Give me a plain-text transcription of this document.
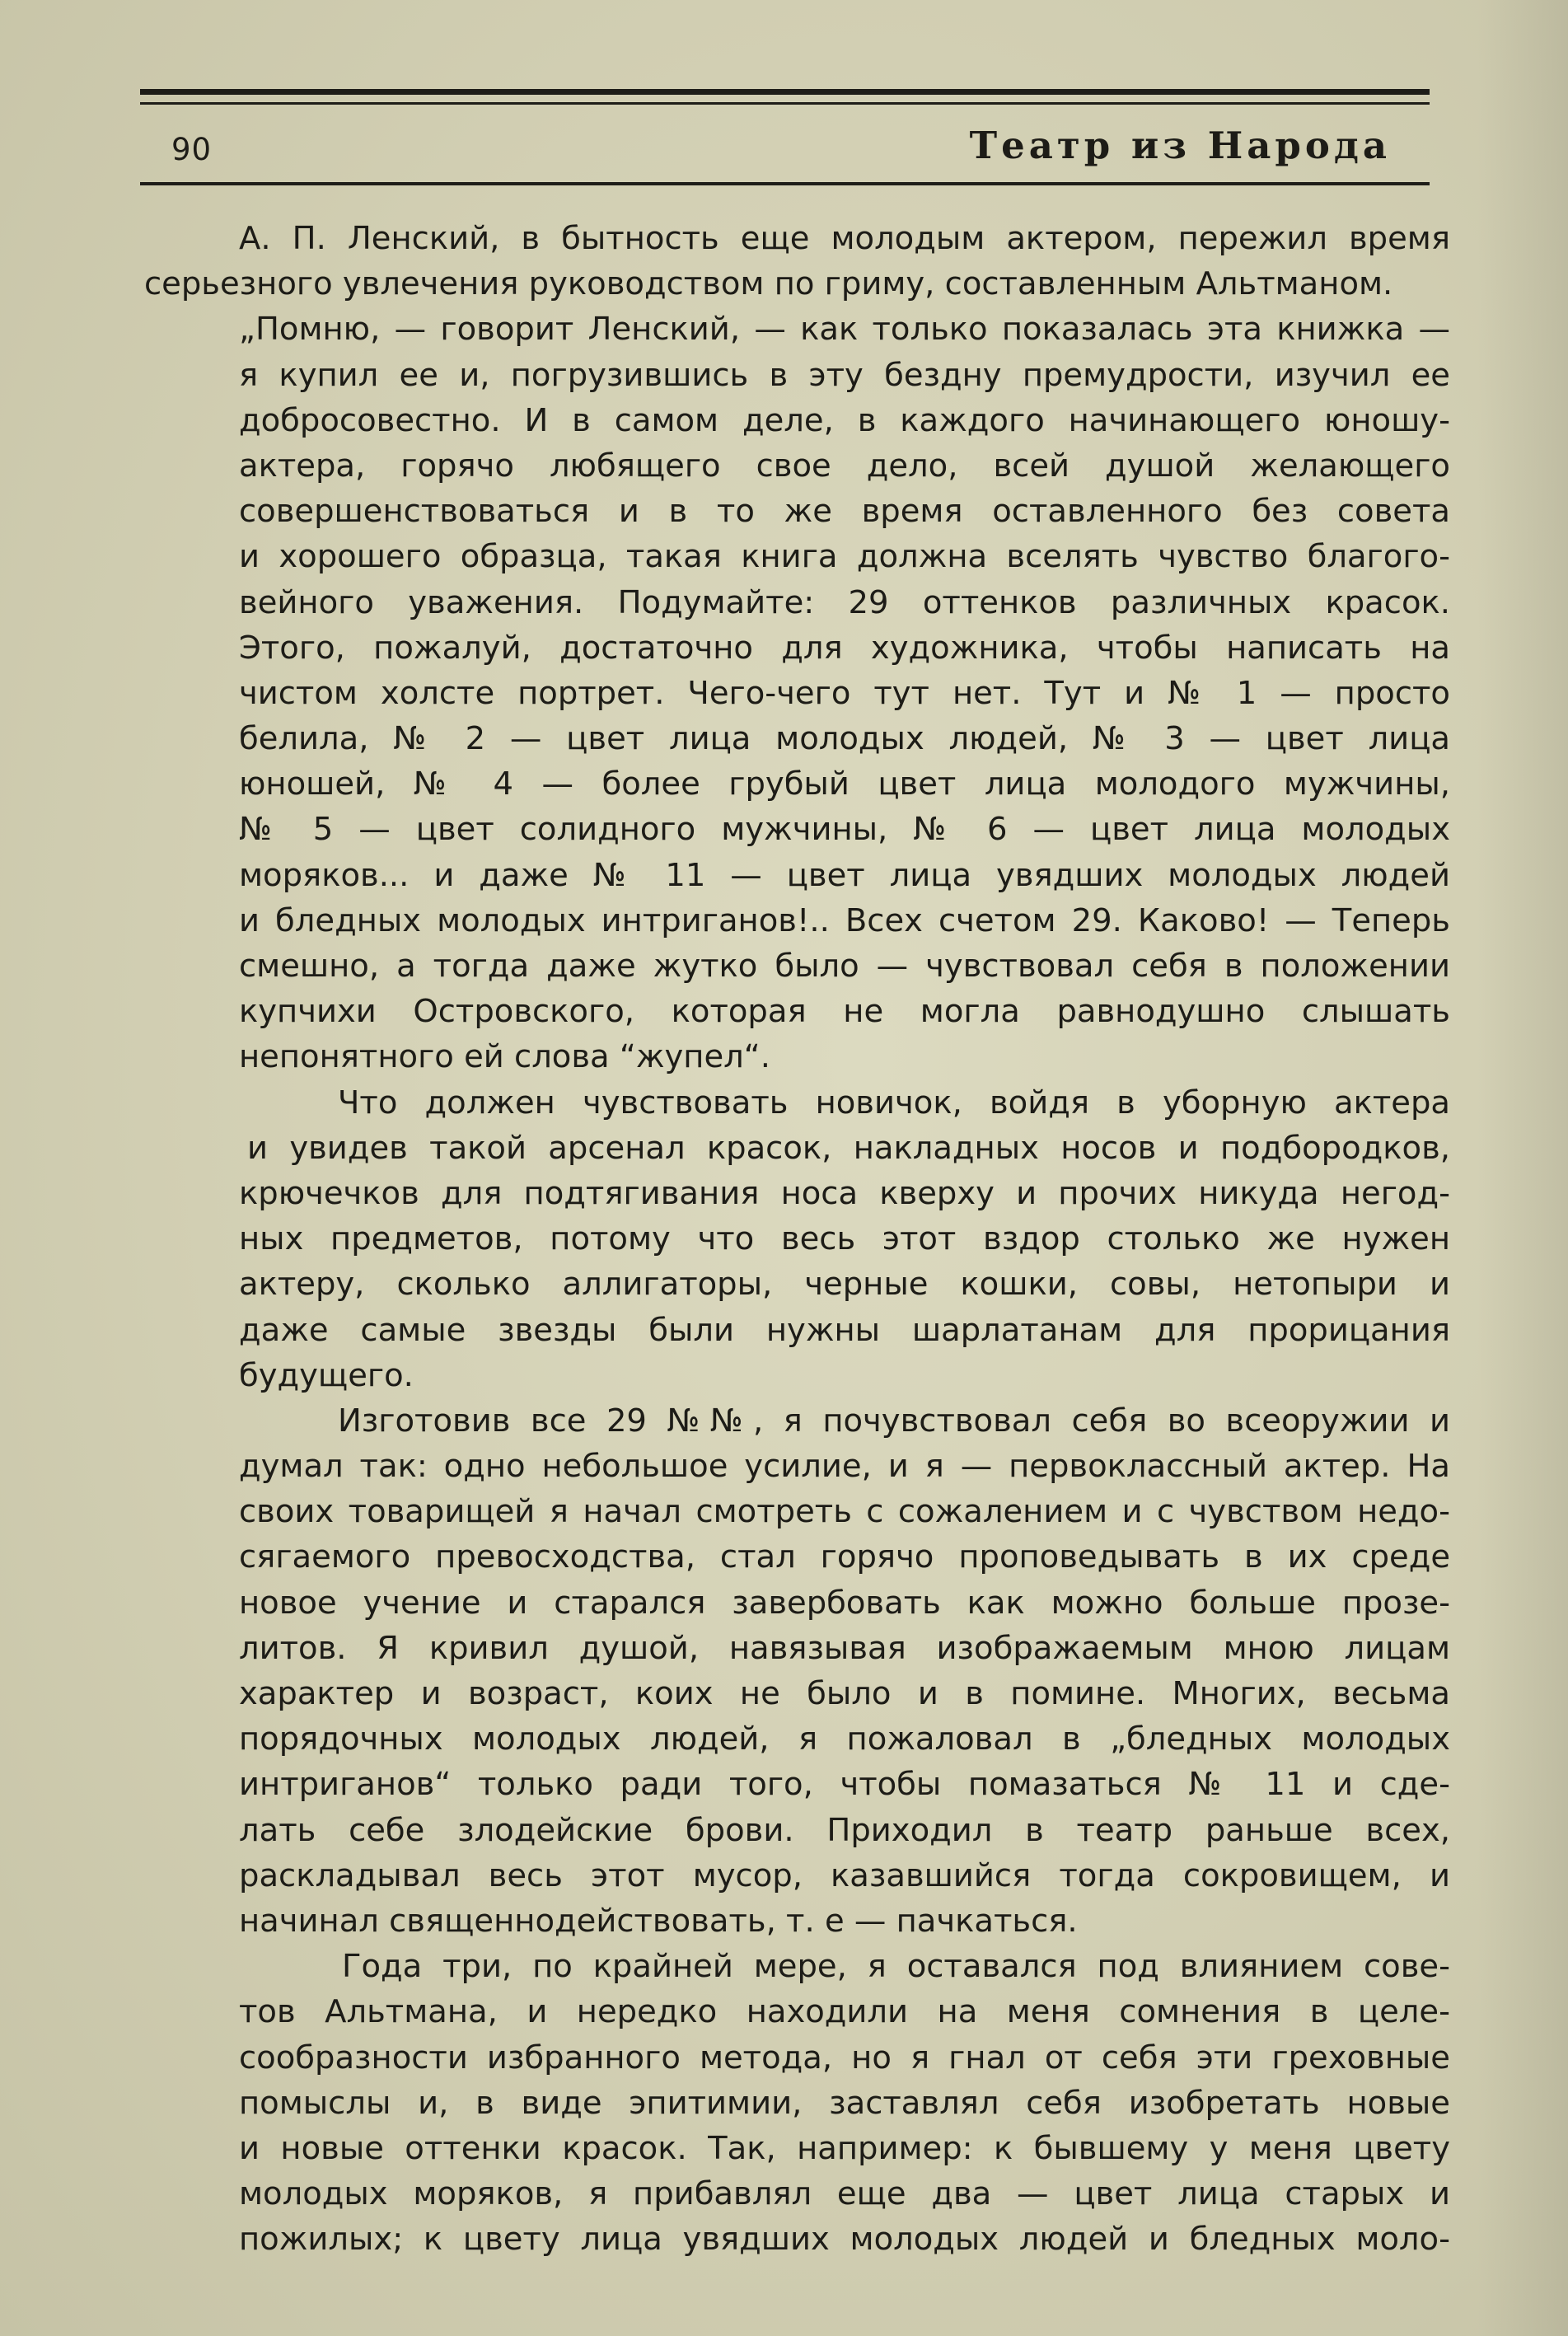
90	Театр из Народа
А. П. Ленский, в бытность еще молодым актером, пережил время
серьезного увлечения руководством по гриму, составленным Альтманом.
„Помню, — говорит Ленский, — как только показалась эта книжка —
я купил ее и, погрузившись в эту бездну премудрости, изучил ее
добросовестно. И в самом деле, в каждого начинающего юношу-
актера, горячо любящего свое дело, всей душой желающего
совершенствоваться и в то же время оставленного без совета
и хорошего образца, такая книга должна вселять чувство благого-
вейного уважения. Подумайте: 29 оттенков различных красок.
Этого, пожалуй, достаточно для художника, чтобы написать на
чистом холсте портрет. Чего-чего тут нет. Тут и № 1 — просто
белила, № 2 — цвет лица молодых людей, № 3 — цвет лица
юношей, № 4 — более грубый цвет лица молодого мужчины,
№ 5 — цвет солидного мужчины, № 6 — цвет лица молодых
моряков... и даже № 11 — цвет лица увядших молодых людей
и бледных молодых интриганов!.. Всех счетом 29. Каково! — Теперь
смешно, а тогда даже жутко было — чувствовал себя в положении
купчихи Островского, которая не могла равнодушно слышать
непонятного ей слова “жупел“.
Что должен чувствовать новичок, войдя в уборную актера
и увидев такой арсенал красок, накладных носов и подбородков,
крючечков для подтягивания носа кверху и прочих никуда негод-
ных предметов, потому что весь этот вздор столько же нужен
актеру, сколько аллигаторы, черные кошки, совы, нетопыри и
даже самые звезды были нужны шарлатанам для прорицания
будущего.
Изготовив все 29 №№, я почувствовал себя во всеоружии и
думал так: одно небольшое усилие, и я — первоклассный актер. На
своих товарищей я начал смотреть с сожалением и с чувством недо-
сягаемого превосходства, стал горячо проповедывать в их среде
новое учение и старался завербовать как можно больше прозе-
литов. Я кривил душой, навязывая изображаемым мною лицам
характер и возраст, коих не было и в помине. Многих, весьма
порядочных молодых людей, я пожаловал в „бледных молодых
интриганов“ только ради того, чтобы помазаться № 11 и сде-
лать себе злодейские брови. Приходил в театр раньше всех,
раскладывал весь этот мусор, казавшийся тогда сокровищем, и
начинал священнодействовать, т. е — пачкаться.
Года три, по крайней мере, я оставался под влиянием сове-
тов Альтмана, и нередко находили на меня сомнения в целе-
сообразности избранного метода, но я гнал от себя эти греховные
помыслы и, в виде эпитимии, заставлял себя изобретать новые
и новые оттенки красок. Так, например: к бывшему у меня цвету
молодых моряков, я прибавлял еще два — цвет лица старых и
пожилых; к цвету лица увядших молодых людей и бледных моло-
